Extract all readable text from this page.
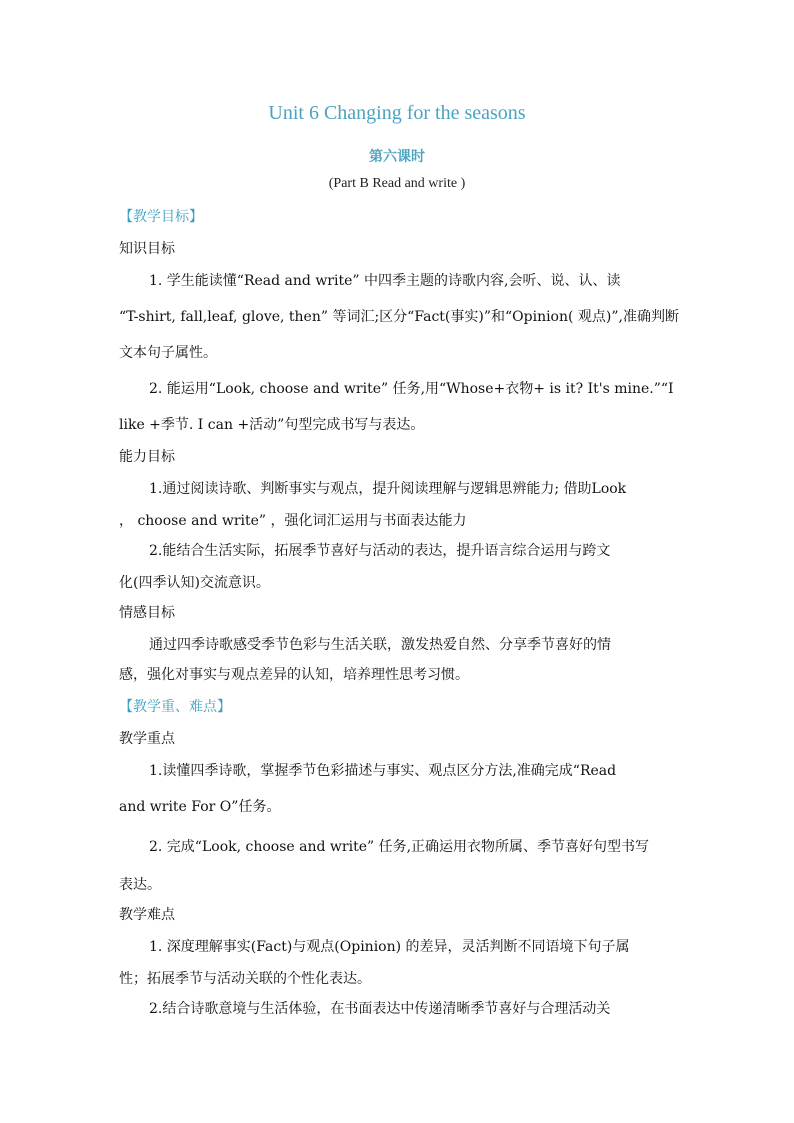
Unit 6 Changing for the seasons
第六课时
(Part B Read and write )
【教学目标】
知识目标
1. 学生能读懂“Read and write” 中四季主题的诗歌内容,会听、说、认、读
“T-shirt, fall,leaf, glove, then” 等词汇;区分“Fact(事实)”和“Opinion( 观点)”,准确判断
文本句子属性。
2. 能运用“Look, choose and write” 任务,用“Whose+衣物+ is it? It's mine.”“I
like +季节. I can +活动”句型完成书写与表达。
能力目标
1.通过阅读诗歌、判断事实与观点，提升阅读理解与逻辑思辨能力; 借助Look
， choose and write” ，强化词汇运用与书面表达能力
2.能结合生活实际，拓展季节喜好与活动的表达，提升语言综合运用与跨文
化(四季认知)交流意识。
情感目标
通过四季诗歌感受季节色彩与生活关联，激发热爱自然、分享季节喜好的情
感，强化对事实与观点差异的认知，培养理性思考习惯。
【教学重、难点】
教学重点
1.读懂四季诗歌，掌握季节色彩描述与事实、观点区分方法,准确完成“Read
and write For O”任务。
2. 完成“Look, choose and write” 任务,正确运用衣物所属、季节喜好句型书写
表达。
教学难点
1. 深度理解事实(Fact)与观点(Opinion) 的差异，灵活判断不同语境下句子属
性；拓展季节与活动关联的个性化表达。
2.结合诗歌意境与生活体验，在书面表达中传递清晰季节喜好与合理活动关
